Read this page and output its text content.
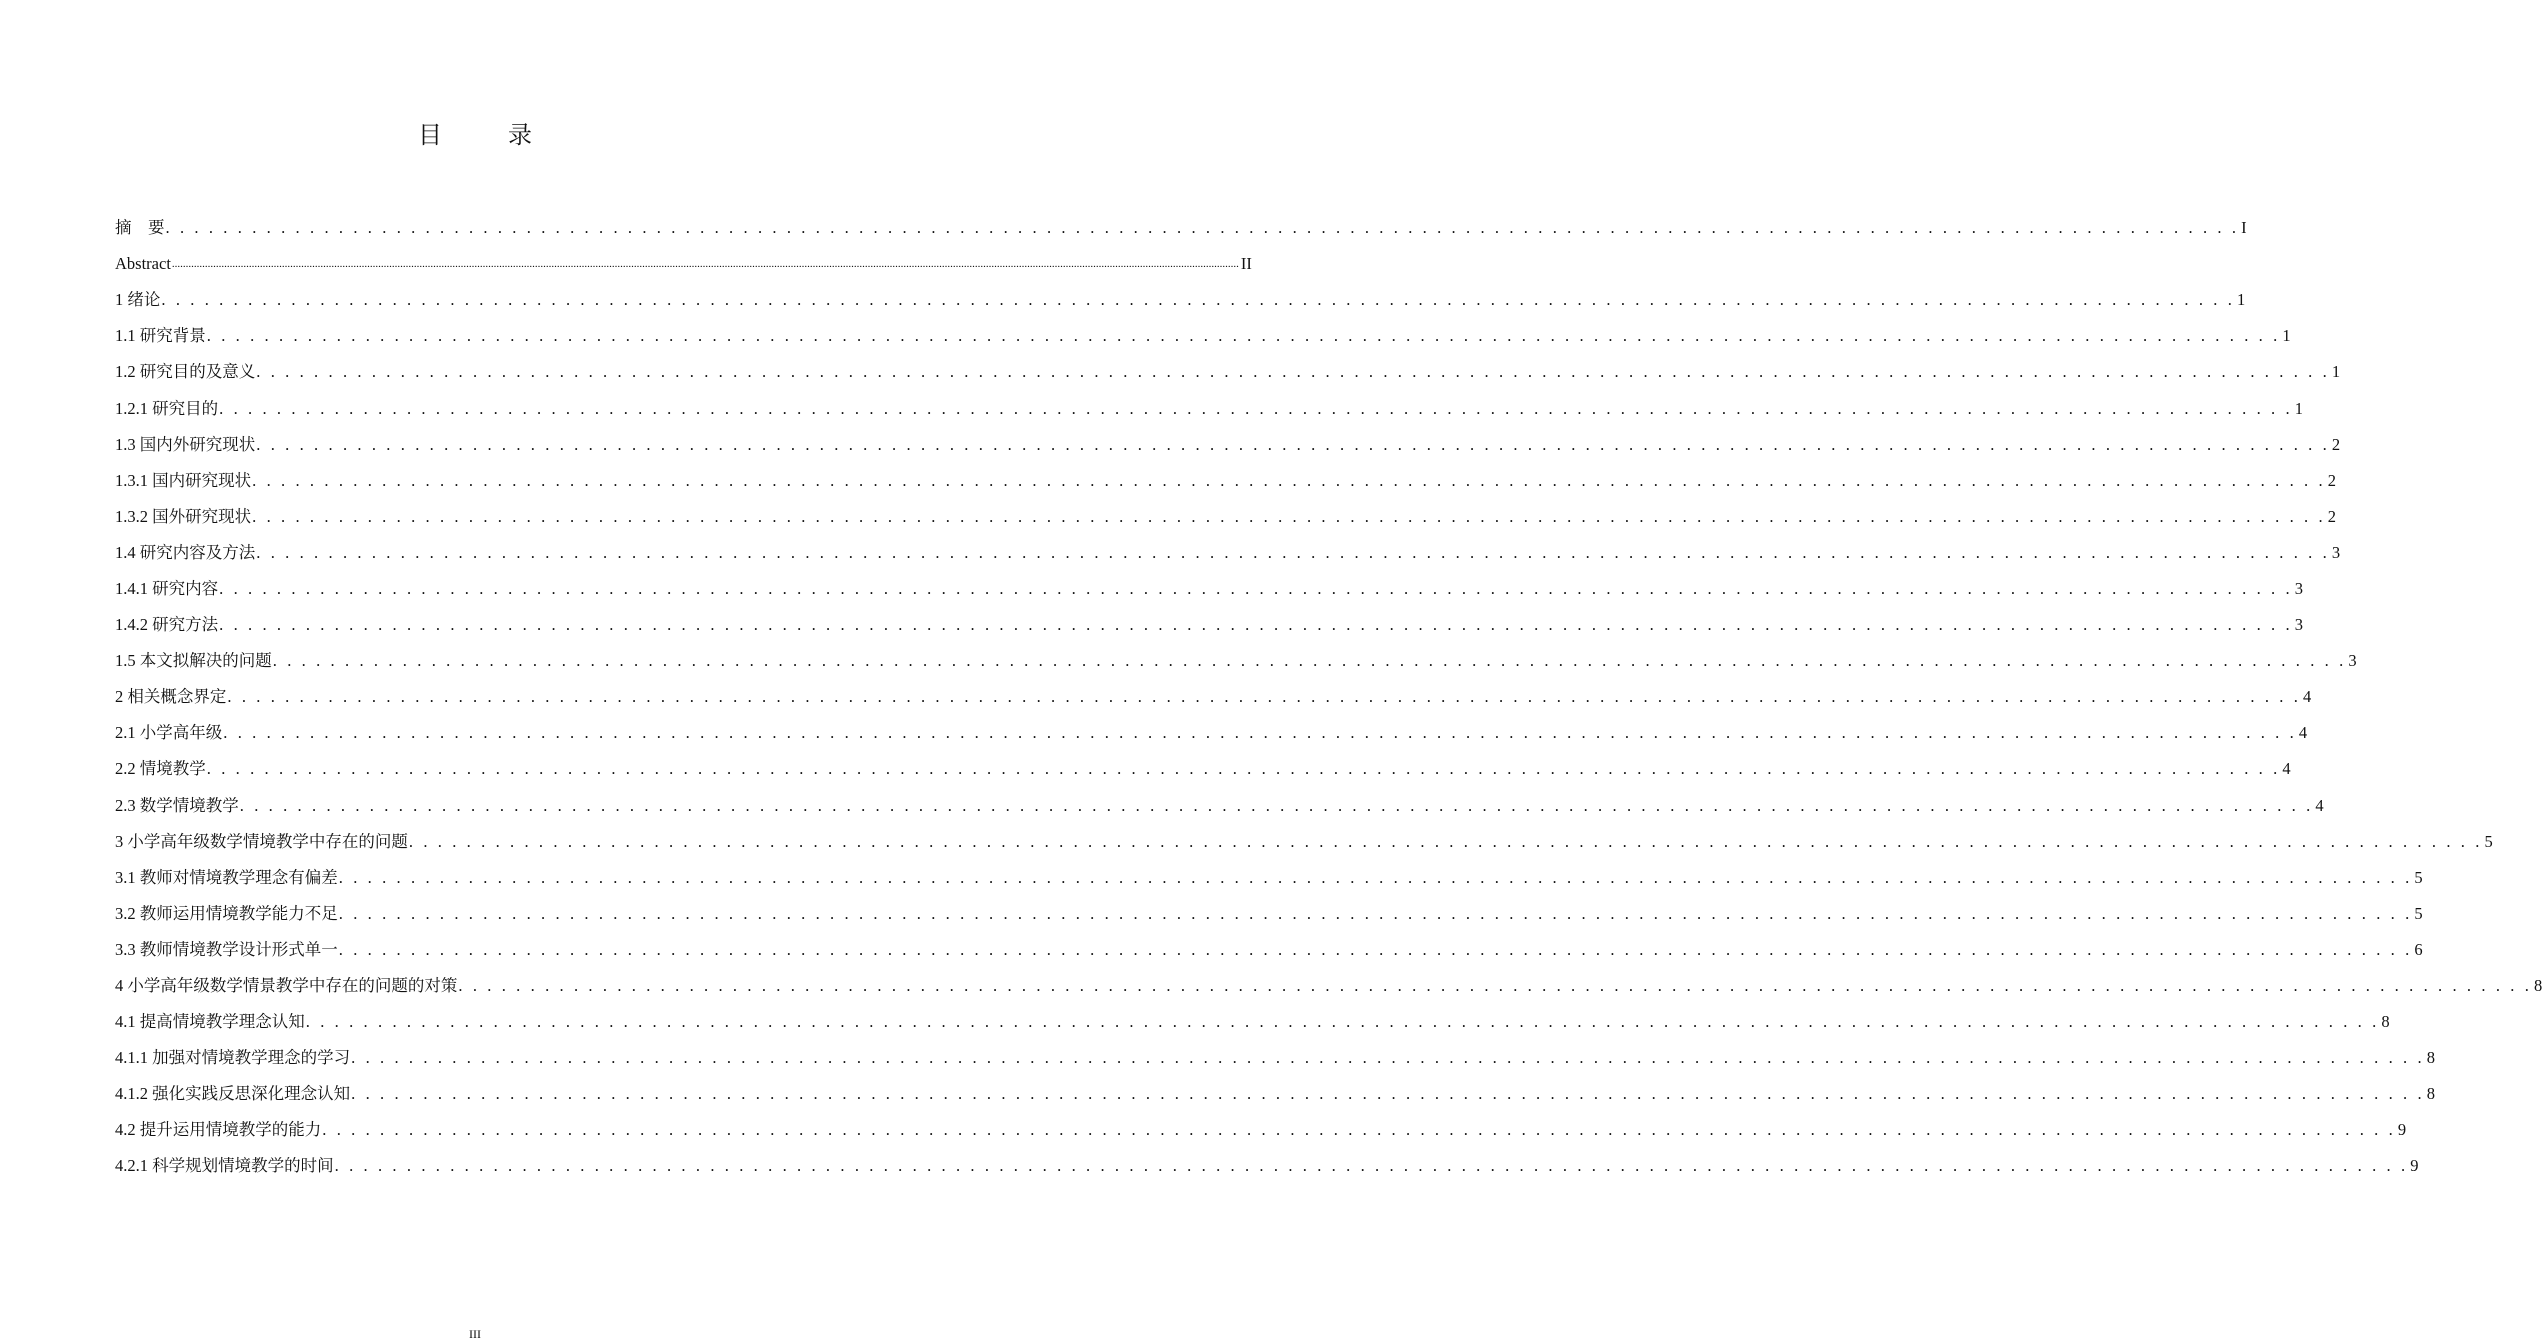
目 录
摘　要 . . . . . . . . . . . . . . . . . . . . . . . . . . . . . . . . . . . . . . . . . . . . . . . . . . . . . . . . . . . . . . . . . . . . . . . . . . . . . . . . . . . . . . . . . . . . . . . . . . . . . . . . . . . . . . . . . . . . . . . . . . . . . . . . . . . . . . . . . . . . . . . . I
Abstract .................................................................................................................................................................................................................................................................................................................................................................................................... II
1 绪论 . . . . . . . . . . . . . . . . . . . . . . . . . . . . . . . . . . . . . . . . . . . . . . . . . . . . . . . . . . . . . . . . . . . . . . . . . . . . . . . . . . . . . . . . . . . . . . . . . . . . . . . . . . . . . . . . . . . . . . . . . . . . . . . . . . . . . . . . . . . . . . . . 1
1.1 研究背景 . . . . . . . . . . . . . . . . . . . . . . . . . . . . . . . . . . . . . . . . . . . . . . . . . . . . . . . . . . . . . . . . . . . . . . . . . . . . . . . . . . . . . . . . . . . . . . . . . . . . . . . . . . . . . . . . . . . . . . . . . . . . . . . . . . . . . . . . . . . . . . . . 1
1.2 研究目的及意义 . . . . . . . . . . . . . . . . . . . . . . . . . . . . . . . . . . . . . . . . . . . . . . . . . . . . . . . . . . . . . . . . . . . . . . . . . . . . . . . . . . . . . . . . . . . . . . . . . . . . . . . . . . . . . . . . . . . . . . . . . . . . . . . . . . . . . . . . . . . . . . . . 1
1.2.1 研究目的 . . . . . . . . . . . . . . . . . . . . . . . . . . . . . . . . . . . . . . . . . . . . . . . . . . . . . . . . . . . . . . . . . . . . . . . . . . . . . . . . . . . . . . . . . . . . . . . . . . . . . . . . . . . . . . . . . . . . . . . . . . . . . . . . . . . . . . . . . . . . . . . . 1
1.3 国内外研究现状 . . . . . . . . . . . . . . . . . . . . . . . . . . . . . . . . . . . . . . . . . . . . . . . . . . . . . . . . . . . . . . . . . . . . . . . . . . . . . . . . . . . . . . . . . . . . . . . . . . . . . . . . . . . . . . . . . . . . . . . . . . . . . . . . . . . . . . . . . . . . . . . . 2
1.3.1 国内研究现状 . . . . . . . . . . . . . . . . . . . . . . . . . . . . . . . . . . . . . . . . . . . . . . . . . . . . . . . . . . . . . . . . . . . . . . . . . . . . . . . . . . . . . . . . . . . . . . . . . . . . . . . . . . . . . . . . . . . . . . . . . . . . . . . . . . . . . . . . . . . . . . . . 2
1.3.2 国外研究现状 . . . . . . . . . . . . . . . . . . . . . . . . . . . . . . . . . . . . . . . . . . . . . . . . . . . . . . . . . . . . . . . . . . . . . . . . . . . . . . . . . . . . . . . . . . . . . . . . . . . . . . . . . . . . . . . . . . . . . . . . . . . . . . . . . . . . . . . . . . . . . . . . 2
1.4 研究内容及方法 . . . . . . . . . . . . . . . . . . . . . . . . . . . . . . . . . . . . . . . . . . . . . . . . . . . . . . . . . . . . . . . . . . . . . . . . . . . . . . . . . . . . . . . . . . . . . . . . . . . . . . . . . . . . . . . . . . . . . . . . . . . . . . . . . . . . . . . . . . . . . . . . 3
1.4.1 研究内容 . . . . . . . . . . . . . . . . . . . . . . . . . . . . . . . . . . . . . . . . . . . . . . . . . . . . . . . . . . . . . . . . . . . . . . . . . . . . . . . . . . . . . . . . . . . . . . . . . . . . . . . . . . . . . . . . . . . . . . . . . . . . . . . . . . . . . . . . . . . . . . . . 3
1.4.2 研究方法 . . . . . . . . . . . . . . . . . . . . . . . . . . . . . . . . . . . . . . . . . . . . . . . . . . . . . . . . . . . . . . . . . . . . . . . . . . . . . . . . . . . . . . . . . . . . . . . . . . . . . . . . . . . . . . . . . . . . . . . . . . . . . . . . . . . . . . . . . . . . . . . . 3
1.5 本文拟解决的问题 . . . . . . . . . . . . . . . . . . . . . . . . . . . . . . . . . . . . . . . . . . . . . . . . . . . . . . . . . . . . . . . . . . . . . . . . . . . . . . . . . . . . . . . . . . . . . . . . . . . . . . . . . . . . . . . . . . . . . . . . . . . . . . . . . . . . . . . . . . . . . . . . 3
2 相关概念界定 . . . . . . . . . . . . . . . . . . . . . . . . . . . . . . . . . . . . . . . . . . . . . . . . . . . . . . . . . . . . . . . . . . . . . . . . . . . . . . . . . . . . . . . . . . . . . . . . . . . . . . . . . . . . . . . . . . . . . . . . . . . . . . . . . . . . . . . . . . . . . . . . 4
2.1 小学高年级 . . . . . . . . . . . . . . . . . . . . . . . . . . . . . . . . . . . . . . . . . . . . . . . . . . . . . . . . . . . . . . . . . . . . . . . . . . . . . . . . . . . . . . . . . . . . . . . . . . . . . . . . . . . . . . . . . . . . . . . . . . . . . . . . . . . . . . . . . . . . . . . . 4
2.2 情境教学 . . . . . . . . . . . . . . . . . . . . . . . . . . . . . . . . . . . . . . . . . . . . . . . . . . . . . . . . . . . . . . . . . . . . . . . . . . . . . . . . . . . . . . . . . . . . . . . . . . . . . . . . . . . . . . . . . . . . . . . . . . . . . . . . . . . . . . . . . . . . . . . . 4
2.3 数学情境教学 . . . . . . . . . . . . . . . . . . . . . . . . . . . . . . . . . . . . . . . . . . . . . . . . . . . . . . . . . . . . . . . . . . . . . . . . . . . . . . . . . . . . . . . . . . . . . . . . . . . . . . . . . . . . . . . . . . . . . . . . . . . . . . . . . . . . . . . . . . . . . . . . 4
3 小学高年级数学情境教学中存在的问题 . . . . . . . . . . . . . . . . . . . . . . . . . . . . . . . . . . . . . . . . . . . . . . . . . . . . . . . . . . . . . . . . . . . . . . . . . . . . . . . . . . . . . . . . . . . . . . . . . . . . . . . . . . . . . . . . . . . . . . . . . . . . . . . . . . . . . . . . . . . . . . . . 5
3.1 教师对情境教学理念有偏差 . . . . . . . . . . . . . . . . . . . . . . . . . . . . . . . . . . . . . . . . . . . . . . . . . . . . . . . . . . . . . . . . . . . . . . . . . . . . . . . . . . . . . . . . . . . . . . . . . . . . . . . . . . . . . . . . . . . . . . . . . . . . . . . . . . . . . . . . . . . . . . . . 5
3.2 教师运用情境教学能力不足 . . . . . . . . . . . . . . . . . . . . . . . . . . . . . . . . . . . . . . . . . . . . . . . . . . . . . . . . . . . . . . . . . . . . . . . . . . . . . . . . . . . . . . . . . . . . . . . . . . . . . . . . . . . . . . . . . . . . . . . . . . . . . . . . . . . . . . . . . . . . . . . . 5
3.3 教师情境教学设计形式单一 . . . . . . . . . . . . . . . . . . . . . . . . . . . . . . . . . . . . . . . . . . . . . . . . . . . . . . . . . . . . . . . . . . . . . . . . . . . . . . . . . . . . . . . . . . . . . . . . . . . . . . . . . . . . . . . . . . . . . . . . . . . . . . . . . . . . . . . . . . . . . . . . 6
4 小学高年级数学情景教学中存在的问题的对策 . . . . . . . . . . . . . . . . . . . . . . . . . . . . . . . . . . . . . . . . . . . . . . . . . . . . . . . . . . . . . . . . . . . . . . . . . . . . . . . . . . . . . . . . . . . . . . . . . . . . . . . . . . . . . . . . . . . . . . . . . . . . . . . . . . . . . . . . . . . . . . . . 8
4.1 提高情境教学理念认知 . . . . . . . . . . . . . . . . . . . . . . . . . . . . . . . . . . . . . . . . . . . . . . . . . . . . . . . . . . . . . . . . . . . . . . . . . . . . . . . . . . . . . . . . . . . . . . . . . . . . . . . . . . . . . . . . . . . . . . . . . . . . . . . . . . . . . . . . . . . . . . . . 8
4.1.1 加强对情境教学理念的学习 . . . . . . . . . . . . . . . . . . . . . . . . . . . . . . . . . . . . . . . . . . . . . . . . . . . . . . . . . . . . . . . . . . . . . . . . . . . . . . . . . . . . . . . . . . . . . . . . . . . . . . . . . . . . . . . . . . . . . . . . . . . . . . . . . . . . . . . . . . . . . . . . 8
4.1.2 强化实践反思深化理念认知 . . . . . . . . . . . . . . . . . . . . . . . . . . . . . . . . . . . . . . . . . . . . . . . . . . . . . . . . . . . . . . . . . . . . . . . . . . . . . . . . . . . . . . . . . . . . . . . . . . . . . . . . . . . . . . . . . . . . . . . . . . . . . . . . . . . . . . . . . . . . . . . . 8
4.2 提升运用情境教学的能力 . . . . . . . . . . . . . . . . . . . . . . . . . . . . . . . . . . . . . . . . . . . . . . . . . . . . . . . . . . . . . . . . . . . . . . . . . . . . . . . . . . . . . . . . . . . . . . . . . . . . . . . . . . . . . . . . . . . . . . . . . . . . . . . . . . . . . . . . . . . . . . . . 9
4.2.1 科学规划情境教学的时间 . . . . . . . . . . . . . . . . . . . . . . . . . . . . . . . . . . . . . . . . . . . . . . . . . . . . . . . . . . . . . . . . . . . . . . . . . . . . . . . . . . . . . . . . . . . . . . . . . . . . . . . . . . . . . . . . . . . . . . . . . . . . . . . . . . . . . . . . . . . . . . . . 9
III
